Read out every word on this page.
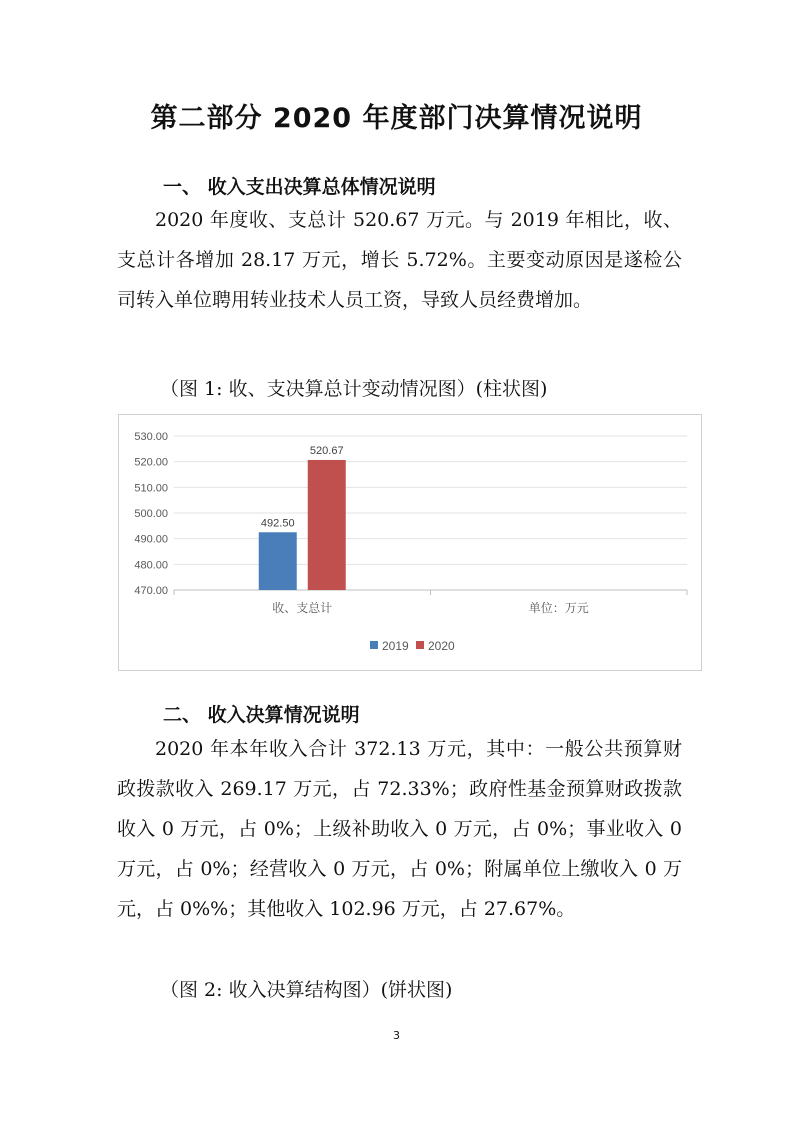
第二部分 2020 年度部门决算情况说明
一、 收入支出决算总体情况说明

2020 年度收、支总计 520.67 万元。与 2019 年相比，收、支总计各增加 28.17 万元，增长 5.72%。主要变动原因是遂检公司转入单位聘用转业技术人员工资，导致人员经费增加。

（图 1: 收、支决算总计变动情况图）(柱状图)

470.00
480.00
490.00
500.00
510.00
520.00
530.00
收、支总计	单位：万元
492.50
520.67
2019 2020
二、 收入决算情况说明

2020 年本年收入合计 372.13 万元，其中：一般公共预算财政拨款收入 269.17 万元，占 72.33%；政府性基金预算财政拨款收入 0 万元，占 0%；上级补助收入 0 万元，占 0%；事业收入 0 万元，占 0%；经营收入 0 万元，占 0%；附属单位上缴收入 0 万元，占 0%%；其他收入 102.96 万元，占 27.67%。

（图 2: 收入决算结构图）(饼状图)

3
